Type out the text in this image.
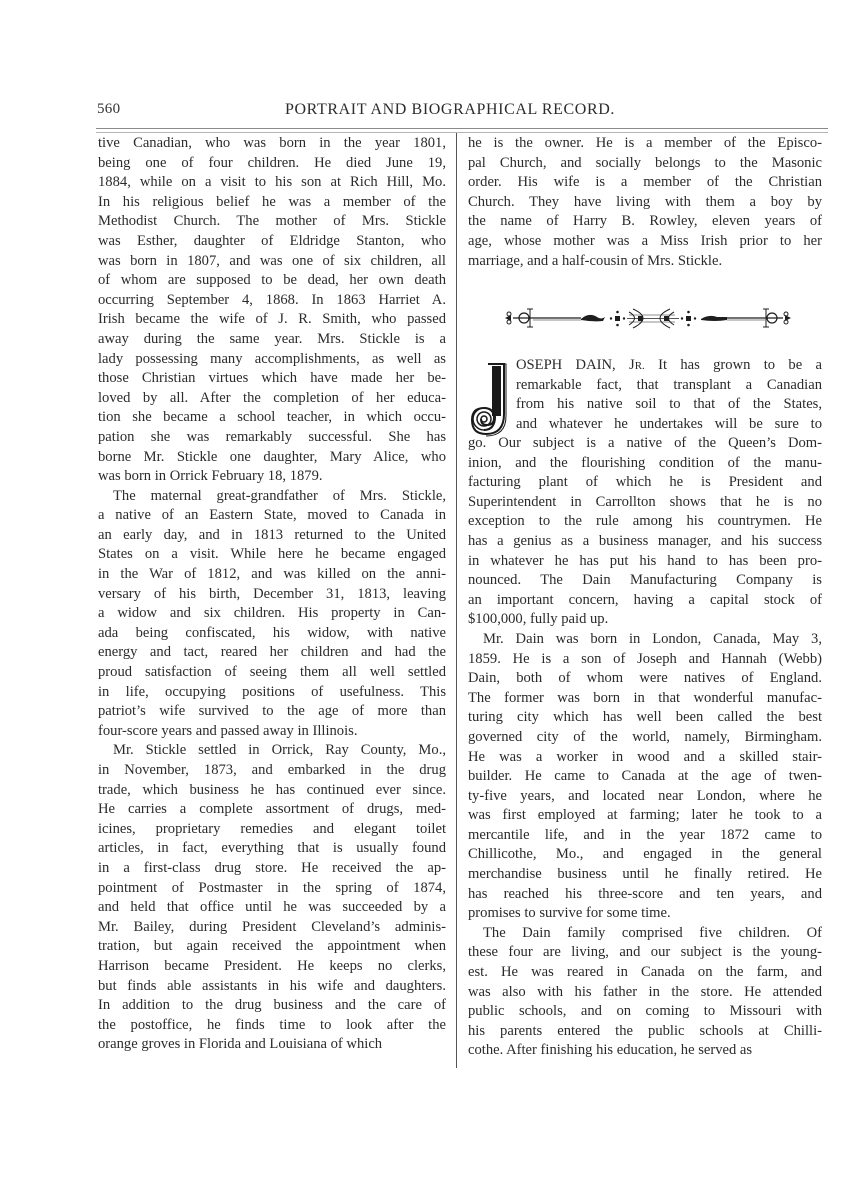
560	PORTRAIT AND BIOGRAPHICAL RECORD.

tive Canadian, who was born in the year 1801,
being one of four children. He died June 19,
1884, while on a visit to his son at Rich Hill, Mo.
In his religious belief he was a member of the
Methodist Church. The mother of Mrs. Stickle
was Esther, daughter of Eldridge Stanton, who
was born in 1807, and was one of six children, all
of whom are supposed to be dead, her own death
occurring September 4, 1868. In 1863 Harriet A.
Irish became the wife of J. R. Smith, who passed
away during the same year. Mrs. Stickle is a
lady possessing many accomplishments, as well as
those Christian virtues which have made her be-
loved by all. After the completion of her educa-
tion she became a school teacher, in which occu-
pation she was remarkably successful. She has
borne Mr. Stickle one daughter, Mary Alice, who
was born in Orrick February 18, 1879.

The maternal great-grandfather of Mrs. Stickle,
a native of an Eastern State, moved to Canada in
an early day, and in 1813 returned to the United
States on a visit. While here he became engaged
in the War of 1812, and was killed on the anni-
versary of his birth, December 31, 1813, leaving
a widow and six children. His property in Can-
ada being confiscated, his widow, with native
energy and tact, reared her children and had the
proud satisfaction of seeing them all well settled
in life, occupying positions of usefulness. This
patriot’s wife survived to the age of more than
four-score years and passed away in Illinois.

Mr. Stickle settled in Orrick, Ray County, Mo.,
in November, 1873, and embarked in the drug
trade, which business he has continued ever since.
He carries a complete assortment of drugs, med-
icines, proprietary remedies and elegant toilet
articles, in fact, everything that is usually found
in a first-class drug store. He received the ap-
pointment of Postmaster in the spring of 1874,
and held that office until he was succeeded by a
Mr. Bailey, during President Cleveland’s adminis-
tration, but again received the appointment when
Harrison became President. He keeps no clerks,
but finds able assistants in his wife and daughters.
In addition to the drug business and the care of
the postoffice, he finds time to look after the
orange groves in Florida and Louisiana of which

he is the owner. He is a member of the Episco-
pal Church, and socially belongs to the Masonic
order. His wife is a member of the Christian
Church. They have living with them a boy by
the name of Harry B. Rowley, eleven years of
age, whose mother was a Miss Irish prior to her
marriage, and a half-cousin of Mrs. Stickle.

OSEPH DAIN, JR. It has grown to be a
remarkable fact, that transplant a Canadian
from his native soil to that of the States,
and whatever he undertakes will be sure to

go. Our subject is a native of the Queen’s Dom-
inion, and the flourishing condition of the manu-
facturing plant of which he is President and
Superintendent in Carrollton shows that he is no
exception to the rule among his countrymen. He
has a genius as a business manager, and his success
in whatever he has put his hand to has been pro-
nounced. The Dain Manufacturing Company is
an important concern, having a capital stock of
$100,000, fully paid up.

Mr. Dain was born in London, Canada, May 3,
1859. He is a son of Joseph and Hannah (Webb)
Dain, both of whom were natives of England.
The former was born in that wonderful manufac-
turing city which has well been called the best
governed city of the world, namely, Birmingham.
He was a worker in wood and a skilled stair-
builder. He came to Canada at the age of twen-
ty-five years, and located near London, where he
was first employed at farming; later he took to a
mercantile life, and in the year 1872 came to
Chillicothe, Mo., and engaged in the general
merchandise business until he finally retired. He
has reached his three-score and ten years, and
promises to survive for some time.

The Dain family comprised five children. Of
these four are living, and our subject is the young-
est. He was reared in Canada on the farm, and
was also with his father in the store. He attended
public schools, and on coming to Missouri with
his parents entered the public schools at Chilli-
cothe. After finishing his education, he served as
